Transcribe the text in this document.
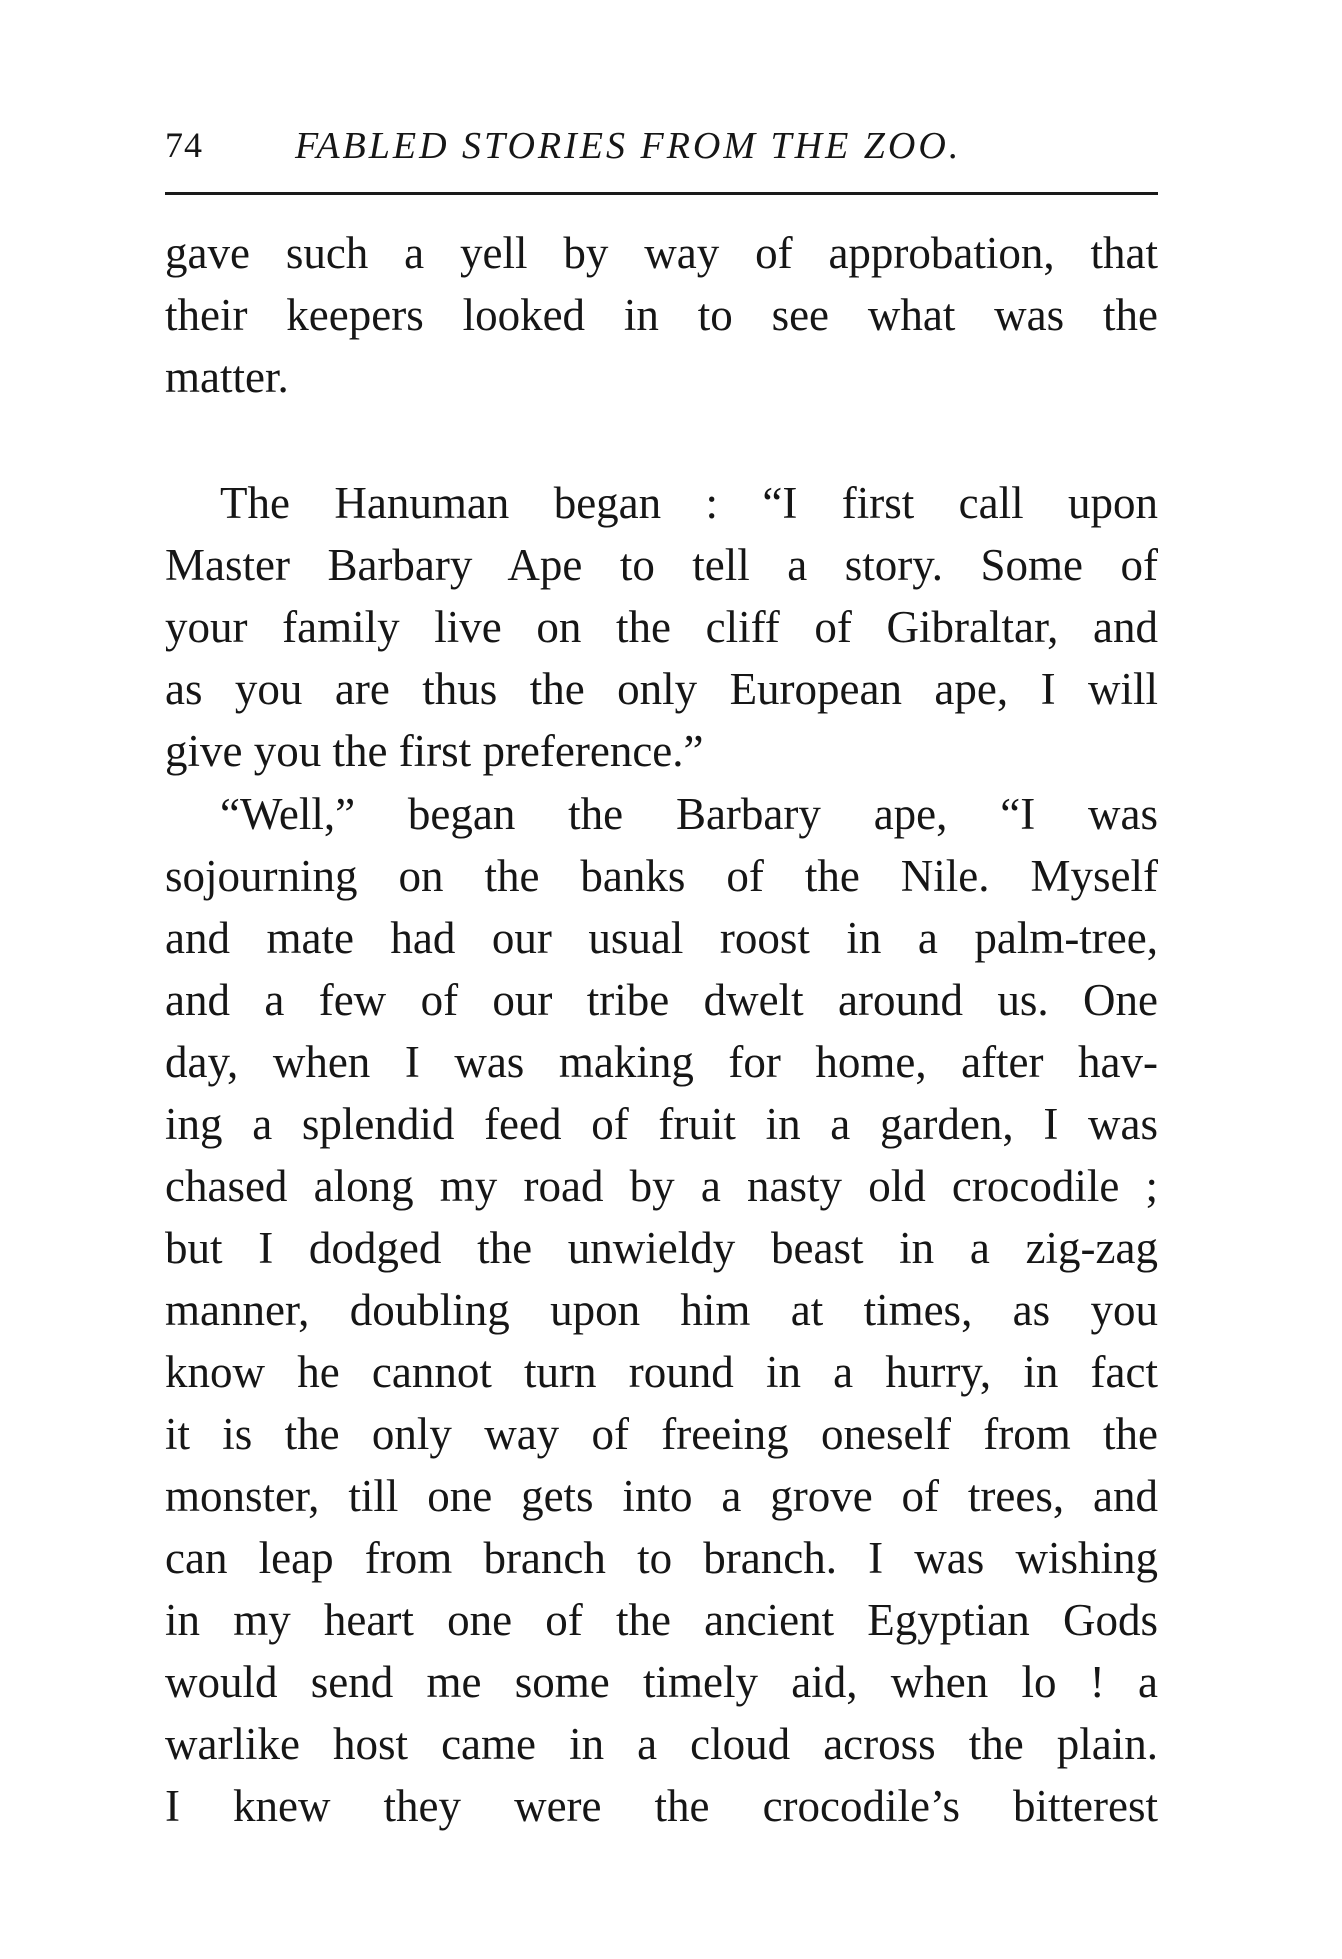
74 FABLED STORIES FROM THE ZOO.
gave such a yell by way of approbation, that
their keepers looked in to see what was the
matter.
The Hanuman began : “I first call upon
Master Barbary Ape to tell a story. Some of
your family live on the cliff of Gibraltar, and
as you are thus the only European ape, I will
give you the first preference.”
“Well,” began the Barbary ape, “I was
sojourning on the banks of the Nile. Myself
and mate had our usual roost in a palm-tree,
and a few of our tribe dwelt around us. One
day, when I was making for home, after hav-
ing a splendid feed of fruit in a garden, I was
chased along my road by a nasty old crocodile ;
but I dodged the unwieldy beast in a zig-zag
manner, doubling upon him at times, as you
know he cannot turn round in a hurry, in fact
it is the only way of freeing oneself from the
monster, till one gets into a grove of trees, and
can leap from branch to branch. I was wishing
in my heart one of the ancient Egyptian Gods
would send me some timely aid, when lo ! a
warlike host came in a cloud across the plain.
I knew they were the crocodile’s bitterest
